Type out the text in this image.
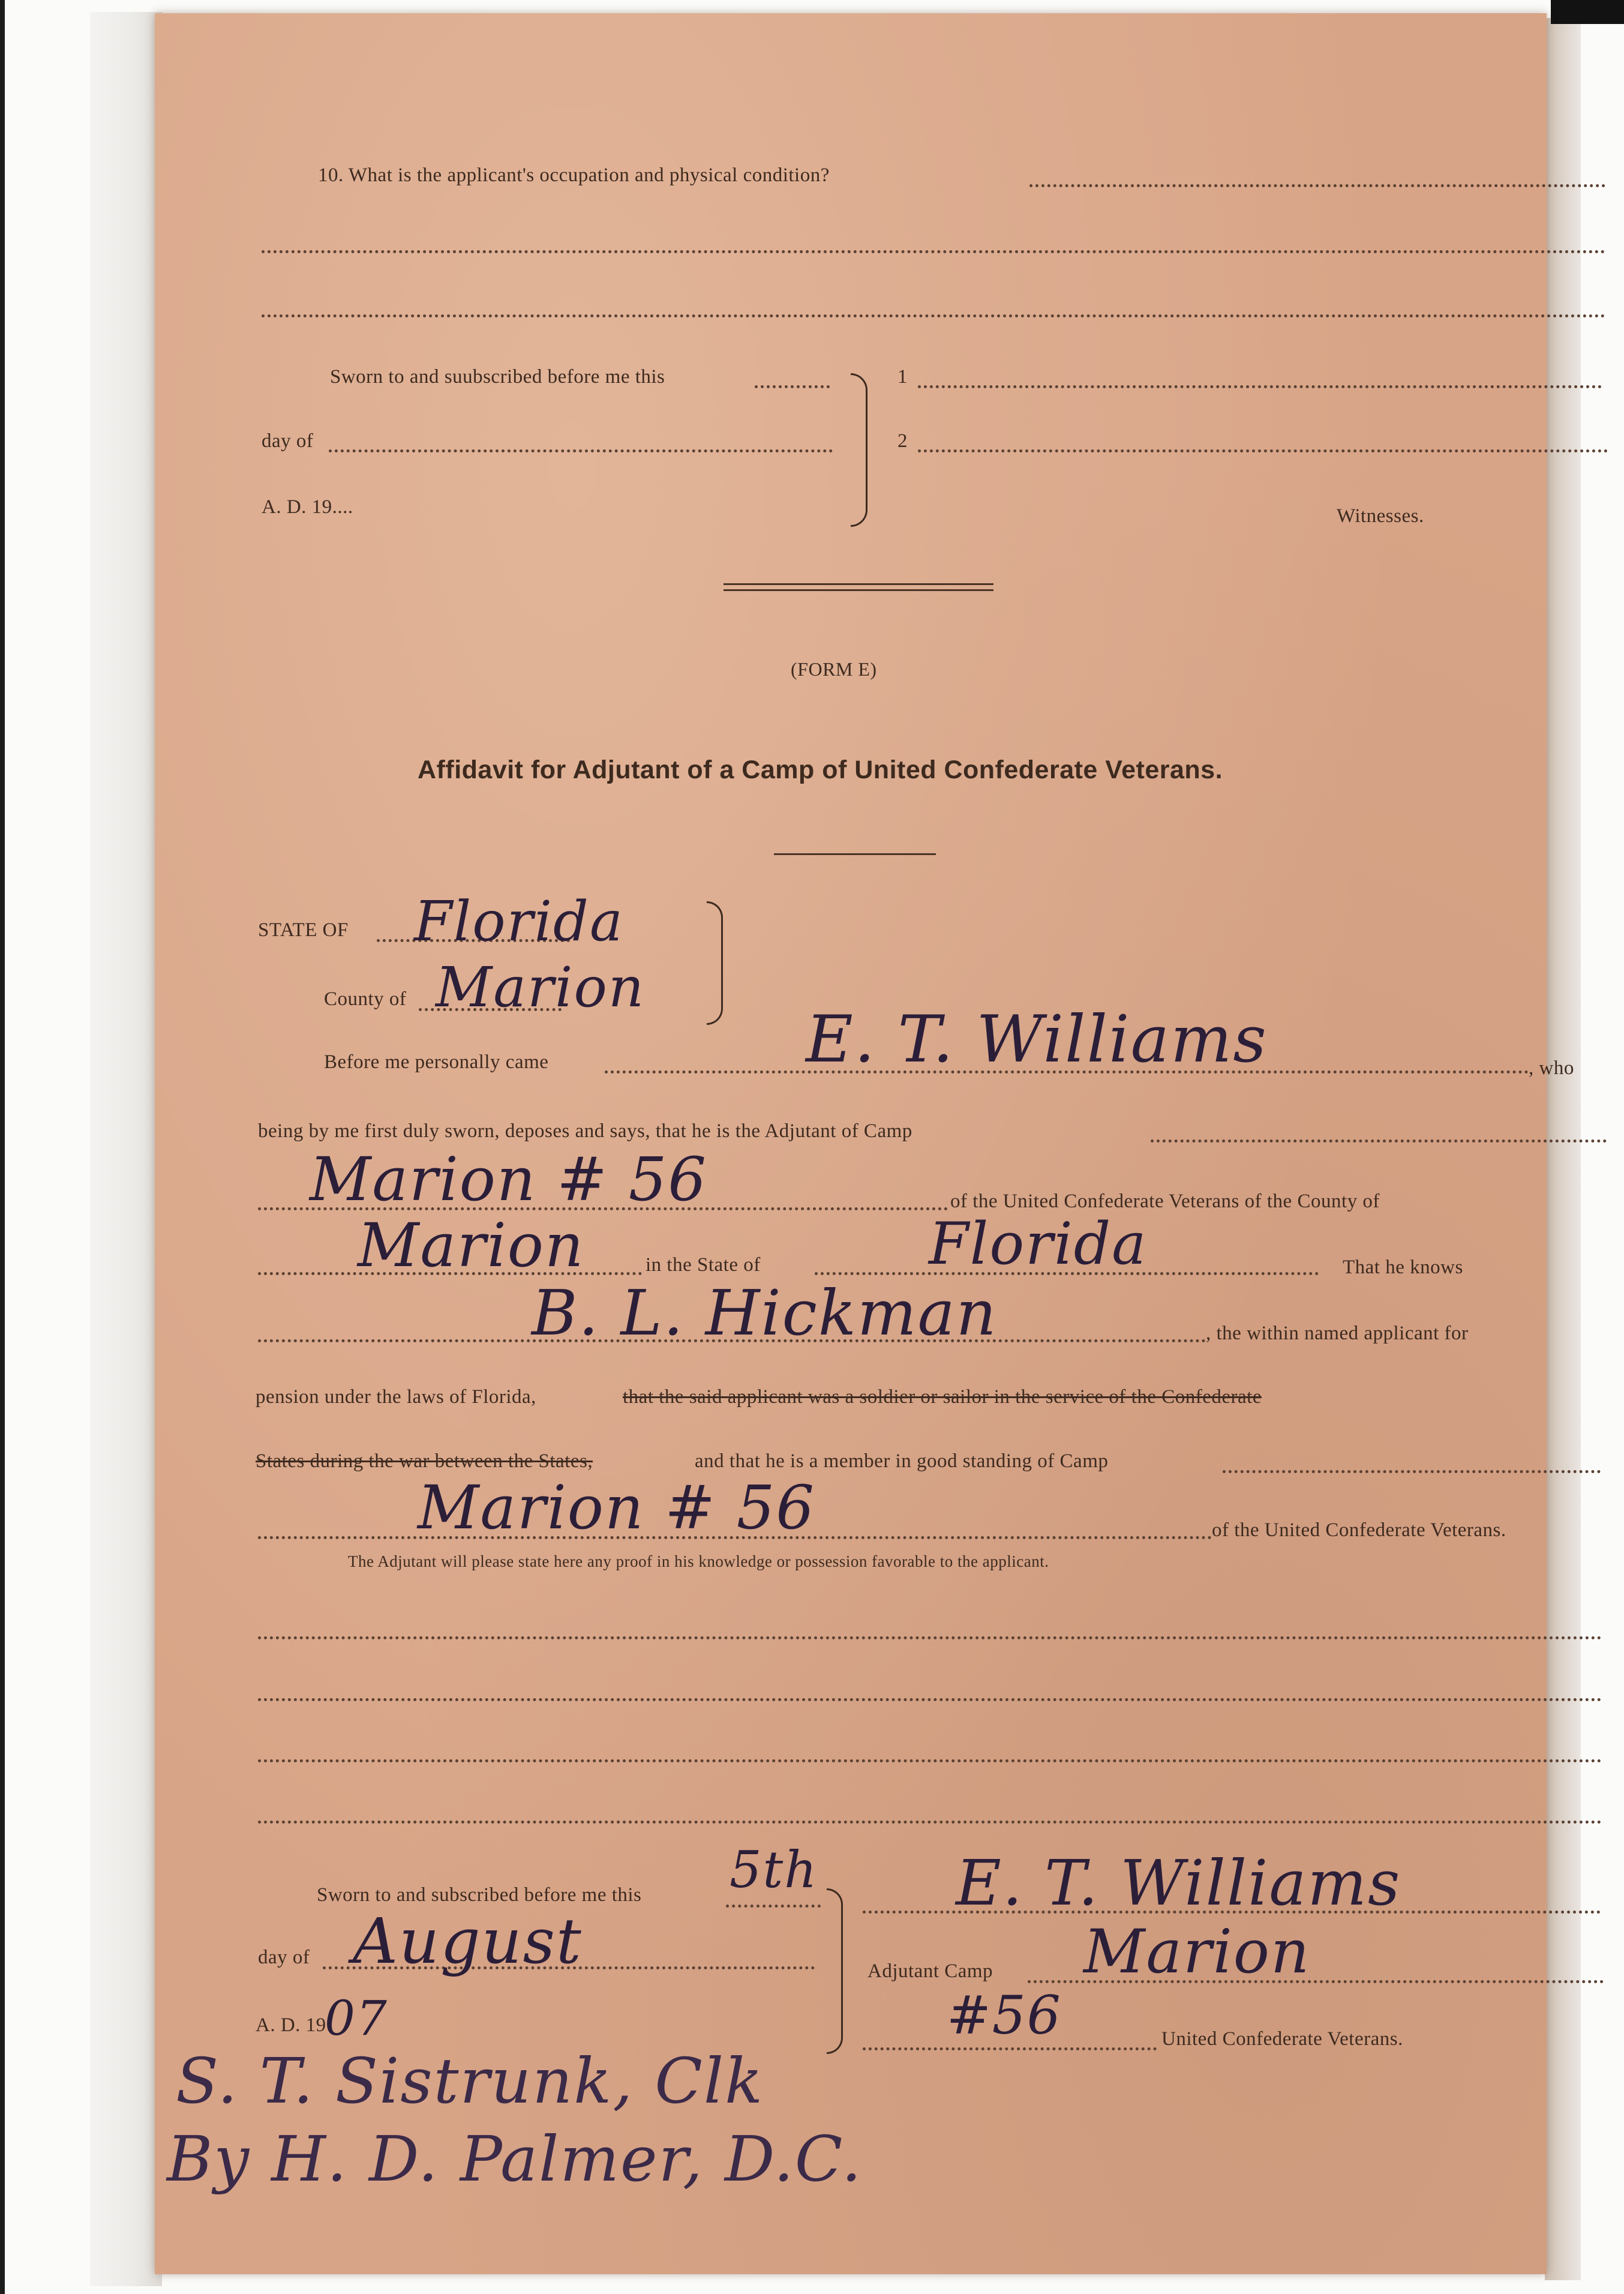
10. What is the applicant's occupation and physical condition?
Sworn to and suubscribed before me this
day of
A. D. 19....
1
2
Witnesses.
(FORM E)
Affidavit for Adjutant of a Camp of United Confederate Veterans.
STATE OF Florida
County of Marion
Before me personally came	E. T. Williams	, who
being by me first duly sworn, deposes and says, that he is the Adjutant of Camp
Marion # 56	of the United Confederate Veterans of the County of
Marion	in the State of	Florida	That he knows
B. L. Hickman	, the within named applicant for
pension under the laws of Florida,	that the said applicant was a soldier or sailor in the service of the Confederate
States during the war between the States,	and that he is a member in good standing of Camp
Marion # 56	of the United Confederate Veterans.
The Adjutant will please state here any proof in his knowledge or possession favorable to the applicant.
Sworn to and subscribed before me this 5th
day of August
A. D. 19
07
E. T. Williams
Adjutant Camp Marion
#56	United Confederate Veterans.
S. T. Sistrunk, Clk
By H. D. Palmer, D.C.
